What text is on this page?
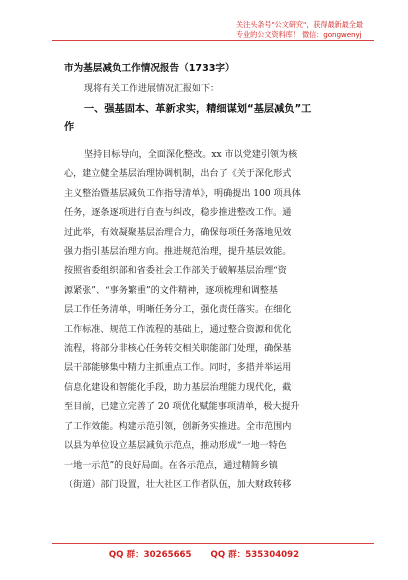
关注头条号"公文研究"，获得最新最全最专业的公文资料库！ 微信：gongwenyj
市为基层减负工作情况报告（1733字）
现将有关工作进展情况汇报如下：
一、强基固本、革新求实，精细谋划“基层减负”工
作
坚持目标导向，全面深化整改。xx 市以党建引领为核
心，建立健全基层治理协调机制，出台了《关于深化形式
主义整治暨基层减负工作指导清单》，明确提出 100 项具体
任务，逐条逐项进行自查与纠改，稳步推进整改工作。通
过此举，有效凝聚基层治理合力，确保每项任务落地见效
强力指引基层治理方向。推进规范治理，提升基层效能。
按照省委组织部和省委社会工作部关于破解基层治理“资
源紧张”、“事务繁重”的文件精神，逐项梳理和调整基
层工作任务清单，明晰任务分工，强化责任落实。在细化
工作标准、规范工作流程的基础上，通过整合资源和优化
流程，将部分非核心任务转交相关职能部门处理，确保基
层干部能够集中精力主抓重点工作。同时，多措并举运用
信息化建设和智能化手段，助力基层治理能力现代化，截
至目前，已建立完善了 20 项优化赋能事项清单，极大提升
了工作效能。构建示范引领，创新务实推进。全市范围内
以县为单位设立基层减负示范点，推动形成“一地一特色
一地一示范”的良好局面。在各示范点，通过精简乡镇
（街道）部门设置，壮大社区工作者队伍，加大财政转移
QQ 群：30265665 QQ 群：535304092
